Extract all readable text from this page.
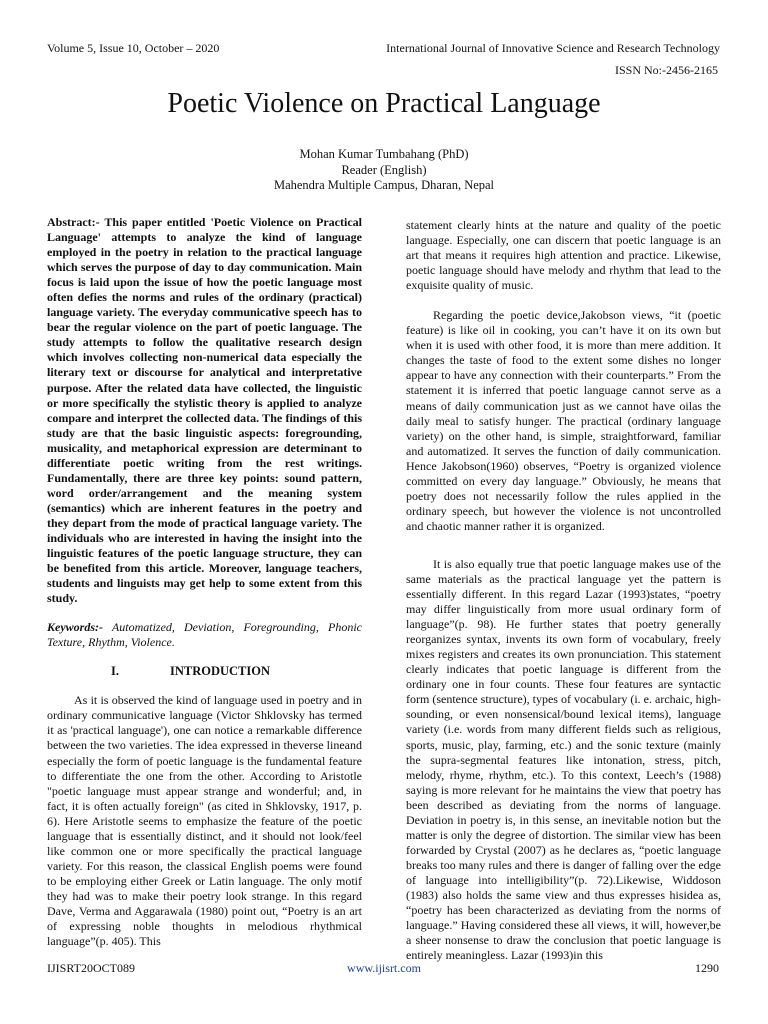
Volume 5, Issue 10, October – 2020	International Journal of Innovative Science and Research Technology
ISSN No:-2456-2165
Poetic Violence on Practical Language
Mohan Kumar Tumbahang (PhD)
Reader (English)
Mahendra Multiple Campus, Dharan, Nepal

Abstract:- This paper entitled 'Poetic Violence on Practical Language' attempts to analyze the kind of language employed in the poetry in relation to the practical language which serves the purpose of day to day communication. Main focus is laid upon the issue of how the poetic language most often defies the norms and rules of the ordinary (practical) language variety. The everyday communicative speech has to bear the regular violence on the part of poetic language. The study attempts to follow the qualitative research design which involves collecting non-numerical data especially the literary text or discourse for analytical and interpretative purpose. After the related data have collected, the linguistic or more specifically the stylistic theory is applied to analyze compare and interpret the collected data. The findings of this study are that the basic linguistic aspects: foregrounding, musicality, and metaphorical expression are determinant to differentiate poetic writing from the rest writings. Fundamentally, there are three key points: sound pattern, word order/arrangement and the meaning system (semantics) which are inherent features in the poetry and they depart from the mode of practical language variety. The individuals who are interested in having the insight into the linguistic features of the poetic language structure, they can be benefited from this article. Moreover, language teachers, students and linguists may get help to some extent from this study.

Keywords:- Automatized, Deviation, Foregrounding, Phonic Texture, Rhythm, Violence.

I.	INTRODUCTION

As it is observed the kind of language used in poetry and in ordinary communicative language (Victor Shklovsky has termed it as 'practical language'), one can notice a remarkable difference between the two varieties. The idea expressed in theverse lineand especially the form of poetic language is the fundamental feature to differentiate the one from the other. According to Aristotle "poetic language must appear strange and wonderful; and, in fact, it is often actually foreign" (as cited in Shklovsky, 1917, p. 6). Here Aristotle seems to emphasize the feature of the poetic language that is essentially distinct, and it should not look/feel like common one or more specifically the practical language variety. For this reason, the classical English poems were found to be employing either Greek or Latin language. The only motif they had was to make their poetry look strange. In this regard Dave, Verma and Aggarawala (1980) point out, “Poetry is an art of expressing noble thoughts in melodious rhythmical language”(p. 405). This

statement clearly hints at the nature and quality of the poetic language. Especially, one can discern that poetic language is an art that means it requires high attention and practice. Likewise, poetic language should have melody and rhythm that lead to the exquisite quality of music.

Regarding the poetic device,Jakobson views, “it (poetic feature) is like oil in cooking, you can’t have it on its own but when it is used with other food, it is more than mere addition. It changes the taste of food to the extent some dishes no longer appear to have any connection with their counterparts.” From the statement it is inferred that poetic language cannot serve as a means of daily communication just as we cannot have oilas the daily meal to satisfy hunger. The practical (ordinary language variety) on the other hand, is simple, straightforward, familiar and automatized. It serves the function of daily communication. Hence Jakobson(1960) observes, “Poetry is organized violence committed on every day language.” Obviously, he means that poetry does not necessarily follow the rules applied in the ordinary speech, but however the violence is not uncontrolled and chaotic manner rather it is organized.

It is also equally true that poetic language makes use of the same materials as the practical language yet the pattern is essentially different. In this regard Lazar (1993)states, “poetry may differ linguistically from more usual ordinary form of language”(p. 98). He further states that poetry generally reorganizes syntax, invents its own form of vocabulary, freely mixes registers and creates its own pronunciation. This statement clearly indicates that poetic language is different from the ordinary one in four counts. These four features are syntactic form (sentence structure), types of vocabulary (i. e. archaic, high-sounding, or even nonsensical/bound lexical items), language variety (i.e. words from many different fields such as religious, sports, music, play, farming, etc.) and the sonic texture (mainly the supra-segmental features like intonation, stress, pitch, melody, rhyme, rhythm, etc.). To this context, Leech’s (1988) saying is more relevant for he maintains the view that poetry has been described as deviating from the norms of language. Deviation in poetry is, in this sense, an inevitable notion but the matter is only the degree of distortion. The similar view has been forwarded by Crystal (2007) as he declares as, “poetic language breaks too many rules and there is danger of falling over the edge of language into intelligibility”(p. 72).Likewise, Widdoson (1983) also holds the same view and thus expresses hisidea as, “poetry has been characterized as deviating from the norms of language.” Having considered these all views, it will, however,be a sheer nonsense to draw the conclusion that poetic language is entirely meaningless. Lazar (1993)in this

IJISRT20OCT089	www.ijisrt.com	1290
